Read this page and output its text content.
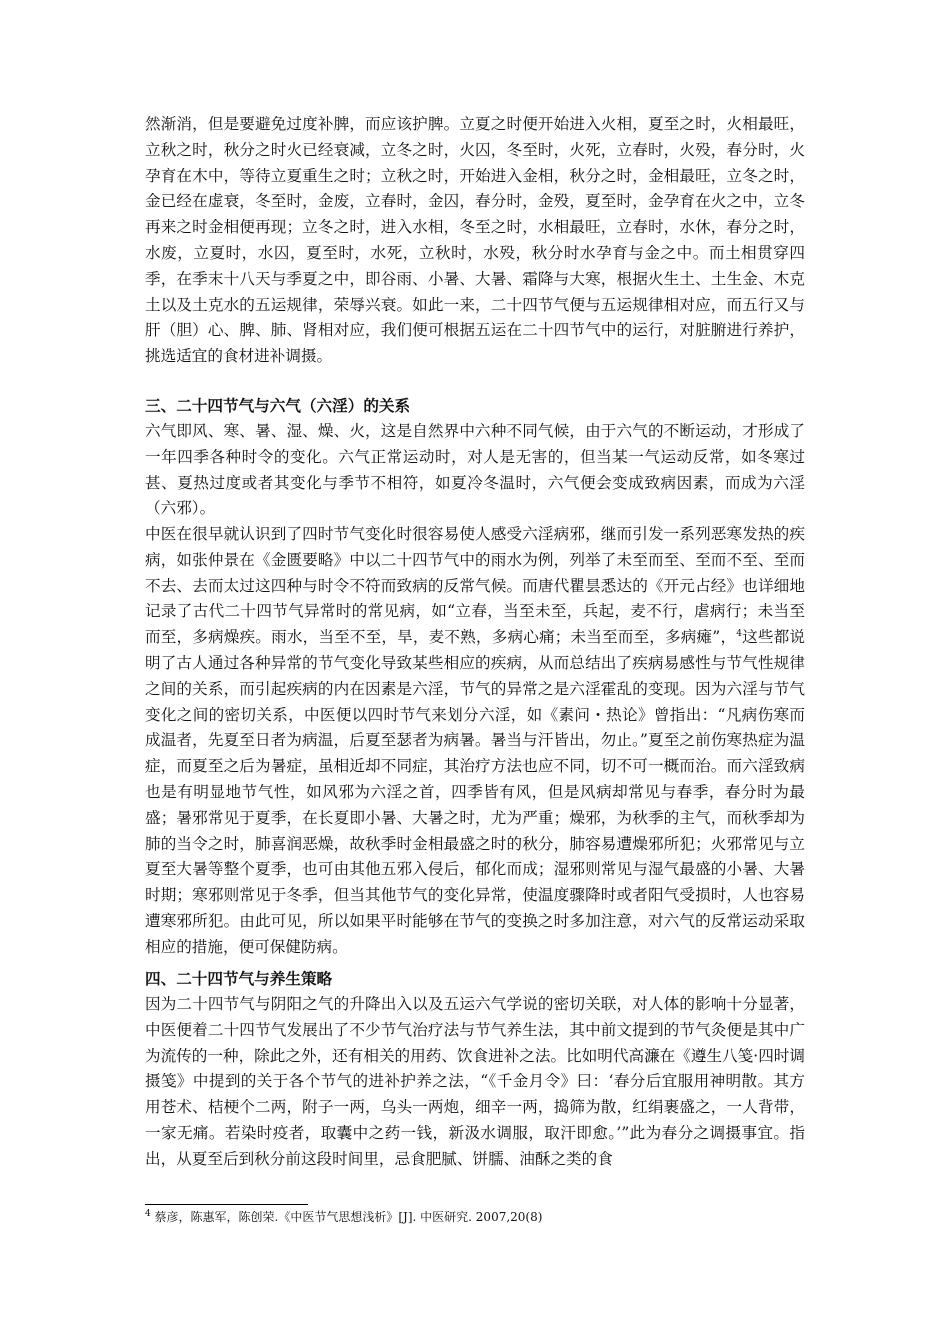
然渐消，但是要避免过度补脾，而应该护脾。立夏之时便开始进入火相，夏至之时，火相最旺，立秋之时，秋分之时火已经衰减，立冬之时，火囚，冬至时，火死，立春时，火殁，春分时，火孕育在木中，等待立夏重生之时；立秋之时，开始进入金相，秋分之时，金相最旺，立冬之时，金已经在虚衰，冬至时，金废，立春时，金囚，春分时，金殁，夏至时，金孕育在火之中，立冬再来之时金相便再现；立冬之时，进入水相，冬至之时，水相最旺，立春时，水休，春分之时，水废，立夏时，水囚，夏至时，水死，立秋时，水殁，秋分时水孕育与金之中。而土相贯穿四季，在季末十八天与季夏之中，即谷雨、小暑、大暑、霜降与大寒，根据火生土、土生金、木克土以及土克水的五运规律，荣辱兴衰。如此一来，二十四节气便与五运规律相对应，而五行又与肝（胆）心、脾、肺、肾相对应，我们便可根据五运在二十四节气中的运行，对脏腑进行养护，挑选适宜的食材进补调摄。

三、二十四节气与六气（六淫）的关系

六气即风、寒、暑、湿、燥、火，这是自然界中六种不同气候，由于六气的不断运动，才形成了一年四季各种时令的变化。六气正常运动时，对人是无害的，但当某一气运动反常，如冬寒过甚、夏热过度或者其变化与季节不相符，如夏冷冬温时，六气便会变成致病因素，而成为六淫（六邪）。

中医在很早就认识到了四时节气变化时很容易使人感受六淫病邪，继而引发一系列恶寒发热的疾病，如张仲景在《金匮要略》中以二十四节气中的雨水为例，列举了未至而至、至而不至、至而不去、去而太过这四种与时令不符而致病的反常气候。而唐代瞿昙悉达的《开元占经》也详细地记录了古代二十四节气异常时的常见病，如“立春，当至未至，兵起，麦不行，虐病行；未当至而至，多病燥疾。雨水，当至不至，旱，麦不熟，多病心痛；未当至而至，多病瘫”，$^4$这些都说明了古人通过各种异常的节气变化导致某些相应的疾病，从而总结出了疾病易感性与节气性规律之间的关系，而引起疾病的内在因素是六淫，节气的异常之是六淫霍乱的变现。因为六淫与节气变化之间的密切关系，中医便以四时节气来划分六淫，如《素问・热论》曾指出：“凡病伤寒而成温者，先夏至日者为病温，后夏至瑟者为病暑。暑当与汗皆出，勿止。”夏至之前伤寒热症为温症，而夏至之后为暑症，虽相近却不同症，其治疗方法也应不同，切不可一概而治。而六淫致病也是有明显地节气性，如风邪为六淫之首，四季皆有风，但是风病却常见与春季，春分时为最盛；暑邪常见于夏季，在长夏即小暑、大暑之时，尤为严重；燥邪，为秋季的主气，而秋季却为肺的当令之时，肺喜润恶燥，故秋季时金相最盛之时的秋分，肺容易遭燥邪所犯；火邪常见与立夏至大暑等整个夏季，也可由其他五邪入侵后，郁化而成；湿邪则常见与湿气最盛的小暑、大暑时期；寒邪则常见于冬季，但当其他节气的变化异常，使温度骤降时或者阳气受损时，人也容易遭寒邪所犯。由此可见，所以如果平时能够在节气的变换之时多加注意，对六气的反常运动采取相应的措施，便可保健防病。

四、二十四节气与养生策略

因为二十四节气与阴阳之气的升降出入以及五运六气学说的密切关联，对人体的影响十分显著，中医便着二十四节气发展出了不少节气治疗法与节气养生法，其中前文提到的节气灸便是其中广为流传的一种，除此之外，还有相关的用药、饮食进补之法。比如明代高濂在《遵生八笺·四时调摄笺》中提到的关于各个节气的进补护养之法，“《千金月令》曰：‘春分后宜服用神明散。其方用苍术、桔梗个二两，附子一两，乌头一两炮，细辛一两，捣筛为散，红绢裹盛之，一人背带，一家无痛。若染时疫者，取囊中之药一钱，新汲水调服，取汗即愈。’”此为春分之调摄事宜。指出，从夏至后到秋分前这段时间里，忌食肥腻、饼臑、油酥之类的食

$^4$ 蔡彦，陈惠军，陈创荣.《中医节气思想浅析》[J]. 中医研究. 2007,20(8)
